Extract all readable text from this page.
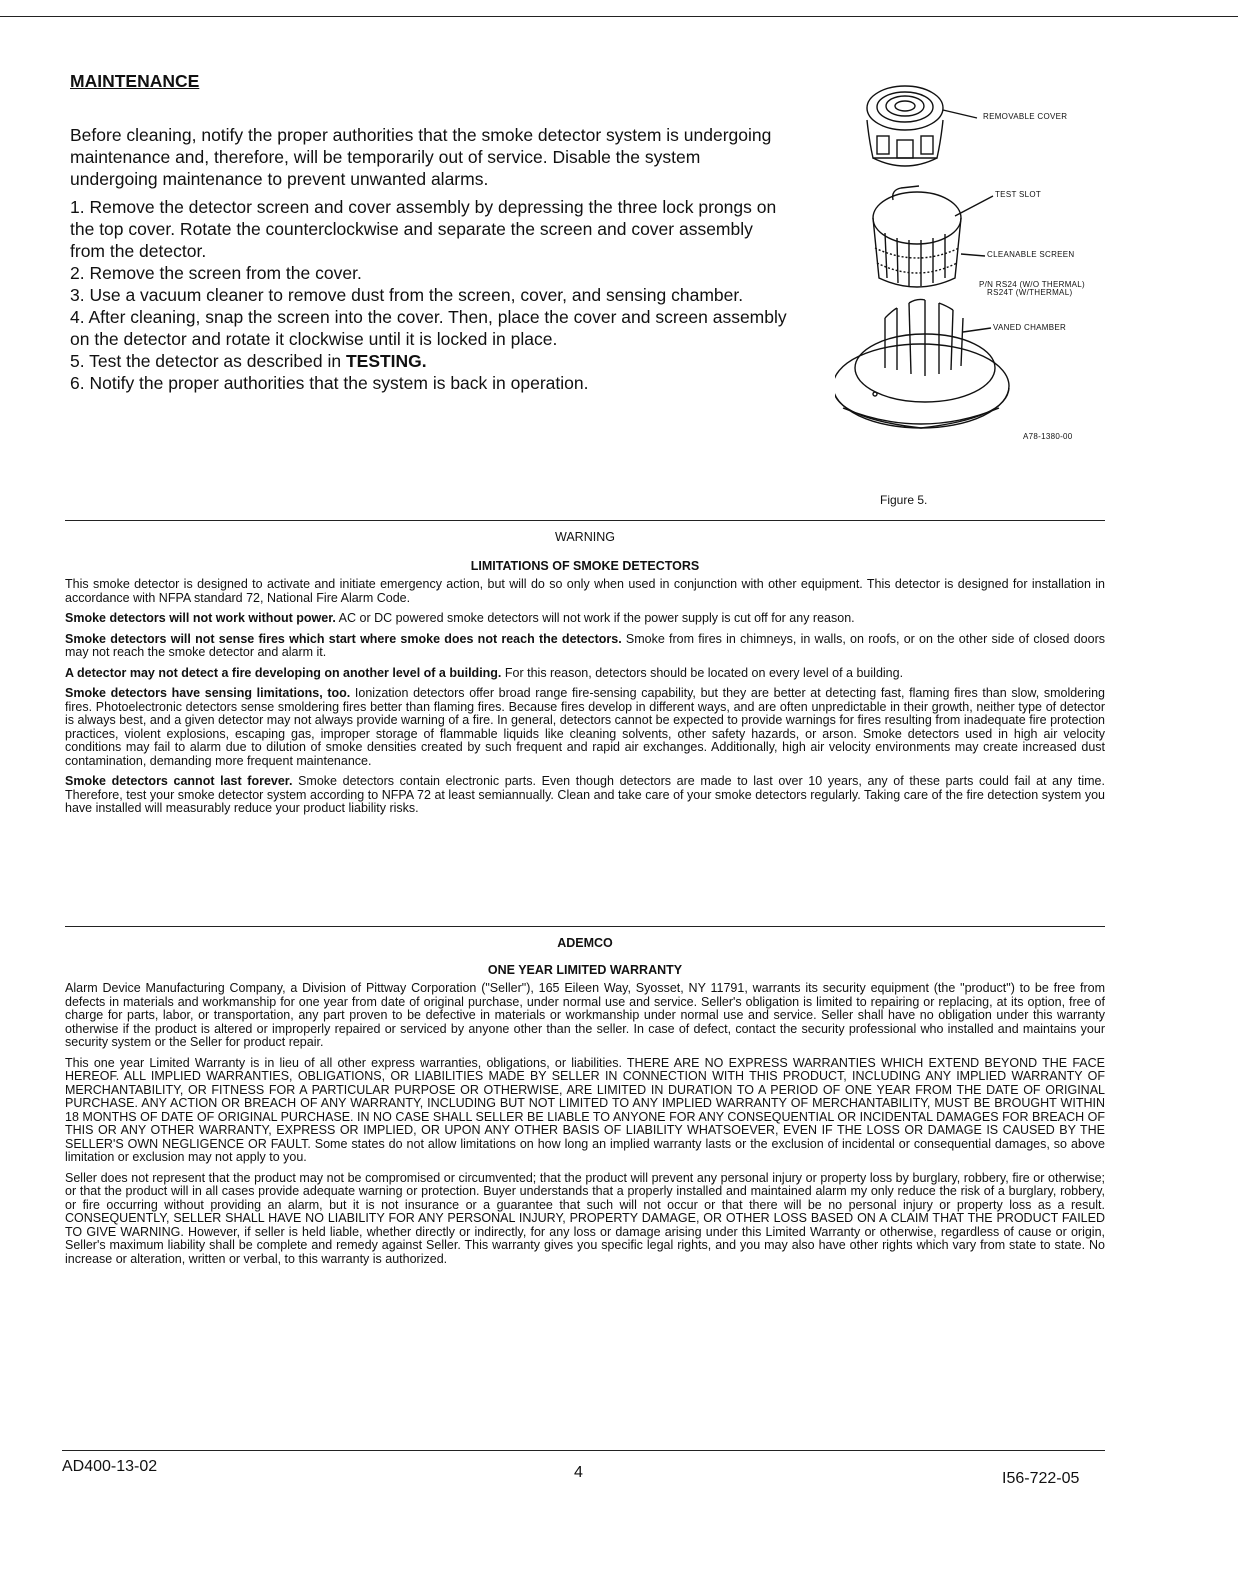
MAINTENANCE

Before cleaning, notify the proper authorities that the smoke detector system is undergoing maintenance and, therefore, will be temporarily out of service. Disable the system undergoing maintenance to prevent unwanted alarms.

1. Remove the detector screen and cover assembly by depressing the three lock prongs on the top cover. Rotate the counterclockwise and separate the screen and cover assembly from the detector.

2. Remove the screen from the cover.

3. Use a vacuum cleaner to remove dust from the screen, cover, and sensing chamber.

4. After cleaning, snap the screen into the cover. Then, place the cover and screen assembly on the detector and rotate it clockwise until it is locked in place.

5. Test the detector as described in TESTING.

6. Notify the proper authorities that the system is back in operation.

REMOVABLE COVER
TEST SLOT
CLEANABLE SCREEN
P/N RS24 (W/O THERMAL)
RS24T (W/THERMAL)
VANED CHAMBER
A78-1380-00
Figure 5.
WARNING
LIMITATIONS OF SMOKE DETECTORS

This smoke detector is designed to activate and initiate emergency action, but will do so only when used in conjunction with other equipment. This detector is designed for installation in accordance with NFPA standard 72, National Fire Alarm Code.

Smoke detectors will not work without power. AC or DC powered smoke detectors will not work if the power supply is cut off for any reason.

Smoke detectors will not sense fires which start where smoke does not reach the detectors. Smoke from fires in chimneys, in walls, on roofs, or on the other side of closed doors may not reach the smoke detector and alarm it.

A detector may not detect a fire developing on another level of a building. For this reason, detectors should be located on every level of a building.

Smoke detectors have sensing limitations, too. Ionization detectors offer broad range fire-sensing capability, but they are better at detecting fast, flaming fires than slow, smoldering fires. Photoelectronic detectors sense smoldering fires better than flaming fires. Because fires develop in different ways, and are often unpredictable in their growth, neither type of detector is always best, and a given detector may not always provide warning of a fire. In general, detectors cannot be expected to provide warnings for fires resulting from inadequate fire protection practices, violent explosions, escaping gas, improper storage of flammable liquids like cleaning solvents, other safety hazards, or arson. Smoke detectors used in high air velocity conditions may fail to alarm due to dilution of smoke densities created by such frequent and rapid air exchanges. Additionally, high air velocity environments may create increased dust contamination, demanding more frequent maintenance.

Smoke detectors cannot last forever. Smoke detectors contain electronic parts. Even though detectors are made to last over 10 years, any of these parts could fail at any time. Therefore, test your smoke detector system according to NFPA 72 at least semiannually. Clean and take care of your smoke detectors regularly. Taking care of the fire detection system you have installed will measurably reduce your product liability risks.

ADEMCO
ONE YEAR LIMITED WARRANTY

Alarm Device Manufacturing Company, a Division of Pittway Corporation ("Seller"), 165 Eileen Way, Syosset, NY 11791, warrants its security equipment (the "product") to be free from defects in materials and workmanship for one year from date of original purchase, under normal use and service. Seller's obligation is limited to repairing or replacing, at its option, free of charge for parts, labor, or transportation, any part proven to be defective in materials or workmanship under normal use and service. Seller shall have no obligation under this warranty otherwise if the product is altered or improperly repaired or serviced by anyone other than the seller. In case of defect, contact the security professional who installed and maintains your security system or the Seller for product repair.

This one year Limited Warranty is in lieu of all other express warranties, obligations, or liabilities. THERE ARE NO EXPRESS WARRANTIES WHICH EXTEND BEYOND THE FACE HEREOF. ALL IMPLIED WARRANTIES, OBLIGATIONS, OR LIABILITIES MADE BY SELLER IN CONNECTION WITH THIS PRODUCT, INCLUDING ANY IMPLIED WARRANTY OF MERCHANTABILITY, OR FITNESS FOR A PARTICULAR PURPOSE OR OTHERWISE, ARE LIMITED IN DURATION TO A PERIOD OF ONE YEAR FROM THE DATE OF ORIGINAL PURCHASE. ANY ACTION OR BREACH OF ANY WARRANTY, INCLUDING BUT NOT LIMITED TO ANY IMPLIED WARRANTY OF MERCHANTABILITY, MUST BE BROUGHT WITHIN 18 MONTHS OF DATE OF ORIGINAL PURCHASE. IN NO CASE SHALL SELLER BE LIABLE TO ANYONE FOR ANY CONSEQUENTIAL OR INCIDENTAL DAMAGES FOR BREACH OF THIS OR ANY OTHER WARRANTY, EXPRESS OR IMPLIED, OR UPON ANY OTHER BASIS OF LIABILITY WHATSOEVER, EVEN IF THE LOSS OR DAMAGE IS CAUSED BY THE SELLER'S OWN NEGLIGENCE OR FAULT. Some states do not allow limitations on how long an implied warranty lasts or the exclusion of incidental or consequential damages, so above limitation or exclusion may not apply to you.

Seller does not represent that the product may not be compromised or circumvented; that the product will prevent any personal injury or property loss by burglary, robbery, fire or otherwise; or that the product will in all cases provide adequate warning or protection. Buyer understands that a properly installed and maintained alarm my only reduce the risk of a burglary, robbery, or fire occurring without providing an alarm, but it is not insurance or a guarantee that such will not occur or that there will be no personal injury or property loss as a result. CONSEQUENTLY, SELLER SHALL HAVE NO LIABILITY FOR ANY PERSONAL INJURY, PROPERTY DAMAGE, OR OTHER LOSS BASED ON A CLAIM THAT THE PRODUCT FAILED TO GIVE WARNING. However, if seller is held liable, whether directly or indirectly, for any loss or damage arising under this Limited Warranty or otherwise, regardless of cause or origin, Seller's maximum liability shall be complete and remedy against Seller. This warranty gives you specific legal rights, and you may also have other rights which vary from state to state. No increase or alteration, written or verbal, to this warranty is authorized.

AD400-13-02	4	I56-722-05
